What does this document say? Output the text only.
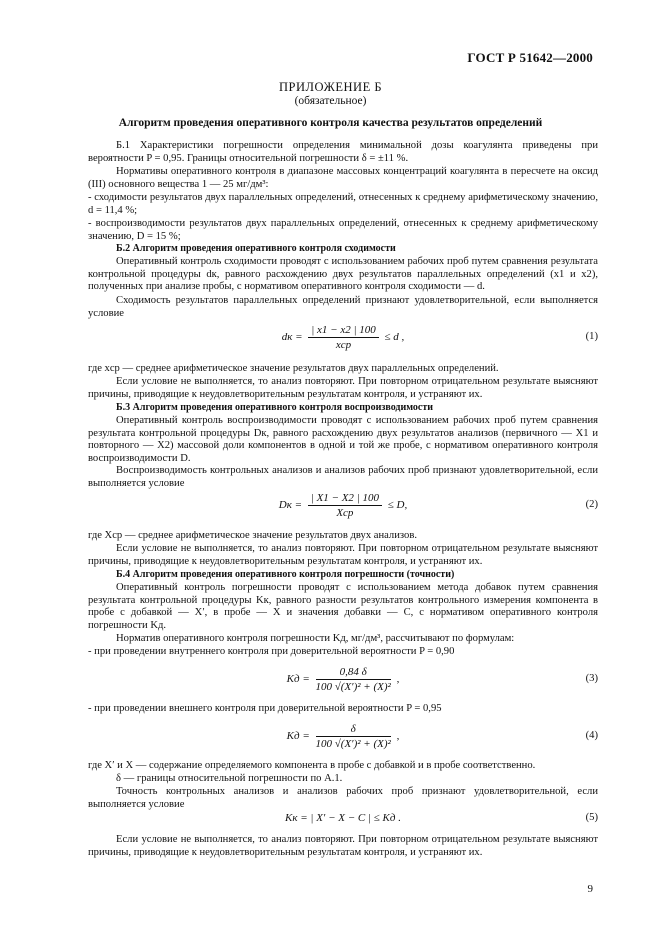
ГОСТ Р 51642—2000
ПРИЛОЖЕНИЕ Б
(обязательное)
Алгоритм проведения оперативного контроля качества результатов определений
Б.1 Характеристики погрешности определения минимальной дозы коагулянта приведены при вероятности P = 0,95. Границы относительной погрешности δ = ±11 %.
Нормативы оперативного контроля в диапазоне массовых концентраций коагулянта в пересчете на оксид (III) основного вещества 1 — 25 мг/дм³:
- сходимости результатов двух параллельных определений, отнесенных к среднему арифметическому значению, d = 11,4 %;
- воспроизводимости результатов двух параллельных определений, отнесенных к среднему арифметическому значению, D = 15 %;
Б.2 Алгоритм проведения оперативного контроля сходимости
Оперативный контроль сходимости проводят с использованием рабочих проб путем сравнения результата контрольной процедуры dк, равного расхождению двух результатов параллельных определений (x1 и x2), полученных при анализе пробы, с нормативом оперативного контроля сходимости — d.
Сходимость результатов параллельных определений признают удовлетворительной, если выполняется условие
dк = $\frac{| x1 - x2 | 100}{\text{xср}} \le d$ ,	(1)
где xср — среднее арифметическое значение результатов двух параллельных определений.
Если условие не выполняется, то анализ повторяют. При повторном отрицательном результате выясняют причины, приводящие к неудовлетворительным результатам контроля, и устраняют их.
Б.3 Алгоритм проведения оперативного контроля воспроизводимости
Оперативный контроль воспроизводимости проводят с использованием рабочих проб путем сравнения результата контрольной процедуры Dк, равного расхождению двух результатов анализов (первичного — X1 и повторного — X2) массовой доли компонентов в одной и той же пробе, с нормативом оперативного контроля воспроизводимости D.
Воспроизводимость контрольных анализов и анализов рабочих проб признают удовлетворительной, если выполняется условие
Dк = $\frac{| X1 - X2 | 100}{\text{Xср}} \le D$,	(2)
где Xср — среднее арифметическое значение результатов двух анализов.
Если условие не выполняется, то анализ повторяют. При повторном отрицательном результате выясняют причины, приводящие к неудовлетворительным результатам контроля, и устраняют их.
Б.4 Алгоритм проведения оперативного контроля погрешности (точности)
Оперативный контроль погрешности проводят с использованием метода добавок путем сравнения результата контрольной процедуры Kк, равного разности результатов контрольного измерения компонента в пробе с добавкой — X′, в пробе — X и значения добавки — C, с нормативом оперативного контроля погрешности Kд.
Норматив оперативного контроля погрешности Kд, мг/дм³, рассчитывают по формулам:
- при проведении внутреннего контроля при доверительной вероятности P = 0,90
Kд = $\frac{0,84 \delta}{\text{100 √(X′)² + (X)²}}$ ,	(3)
- при проведении внешнего контроля при доверительной вероятности P = 0,95
Kд = $\frac{\delta}{\text{100 √(X′)² + (X)²}}$ ,	(4)
где X′ и X — содержание определяемого компонента в пробе с добавкой и в пробе соответственно.
δ — границы относительной погрешности по А.1.
Точность контрольных анализов и анализов рабочих проб признают удовлетворительной, если выполняется условие
Kк = | X′ − X − C | ≤ Kд .	(5)
Если условие не выполняется, то анализ повторяют. При повторном отрицательном результате выясняют причины, приводящие к неудовлетворительным результатам контроля, и устраняют их.
9
